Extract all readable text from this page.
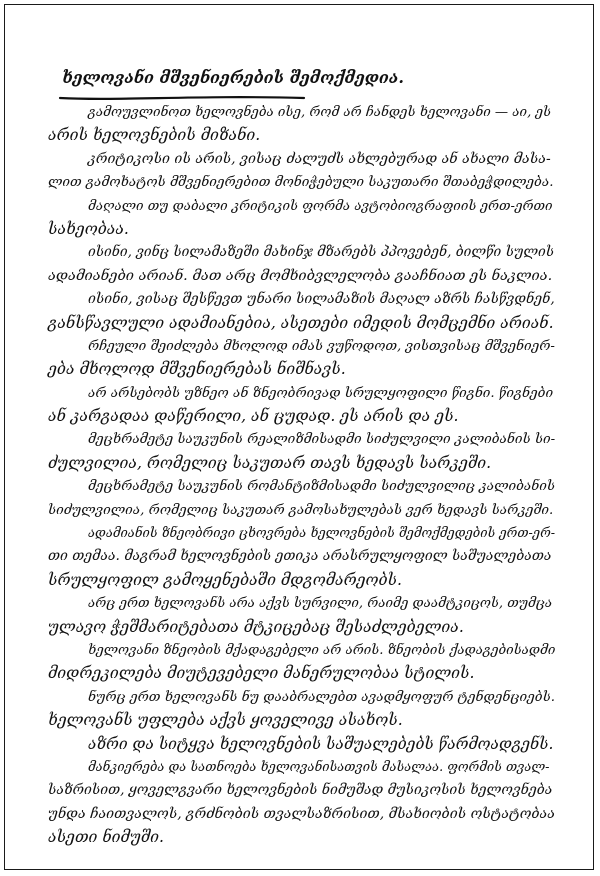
ხელოვანი მშვენიერების შემოქმედია.
გამოუვლინოთ ხელოვნება ისე, რომ არ ჩანდეს ხელოვანი — აი, ეს
არის ხელოვნების მიზანი.
კრიტიკოსი ის არის, ვისაც ძალუძს ახლებურად ან ახალი მასა-
ლით გამოხატოს მშვენიერებით მონიჭებული საკუთარი შთაბეჭდილება.
მაღალი თუ დაბალი კრიტიკის ფორმა ავტობიოგრაფიის ერთ-ერთი
სახეობაა.
ისინი, ვინც სილამაზეში მახინჯ მზარებს პპოვებენ, ბილწი სულის
ადამიანები არიან. მათ არც მომხიბვლელობა გააჩნიათ ეს ნაკლია.
ისინი, ვისაც შესწევთ უნარი სილამაზის მაღალ აზრს ჩასწვდნენ,
განსწავლული ადამიანებია, ასეთები იმედის მომცემნი არიან.
რჩეული შეიძლება მხოლოდ იმას ვუწოდოთ, ვისთვისაც მშვენიერ-
ება მხოლოდ მშვენიერებას ნიშნავს.
არ არსებობს უზნეო ან ზნეობრივად სრულყოფილი წიგნი. წიგნები
ან კარგადაა დაწერილი, ან ცუდად. ეს არის და ეს.
მეცხრამეტე საუკუნის რეალიზმისადმი სიძულვილი კალიბანის სი-
ძულვილია, რომელიც საკუთარ თავს ხედავს სარკეში.
მეცხრამეტე საუკუნის რომანტიზმისადმი სიძულვილიც კალიბანის
სიძულვილია, რომელიც საკუთარ გამოსახულებას ვერ ხედავს სარკეში.
ადამიანის ზნეობრივი ცხოვრება ხელოვნების შემოქმედების ერთ-ერ-
თი თემაა. მაგრამ ხელოვნების ეთიკა არასრულყოფილ საშუალებათა
სრულყოფილ გამოყენებაში მდგომარეობს.
არც ერთ ხელოვანს არა აქვს სურვილი, რაიმე დაამტკიცოს, თუმცა
ულავო ჭეშმარიტებათა მტკიცებაც შესაძლებელია.
ხელოვანი ზნეობის მქადაგებელი არ არის. ზნეობის ქადაგებისადმი
მიდრეკილება მიუტევებელი მანერულობაა სტილის.
ნურც ერთ ხელოვანს ნუ დააბრალებთ ავადმყოფურ ტენდენციებს.
ხელოვანს უფლება აქვს ყოველივე ასახოს.
აზრი და სიტყვა ხელოვნების საშუალებებს წარმოადგენს.
მანკიერება და სათნოება ხელოვანისათვის მასალაა. ფორმის თვალ-
საზრისით, ყოველგვარი ხელოვნების ნიმუშად მუსიკოსის ხელოვნება
უნდა ჩაითვალოს, გრძნობის თვალსაზრისით, მსახიობის ოსტატობაა
ასეთი ნიმუში.
